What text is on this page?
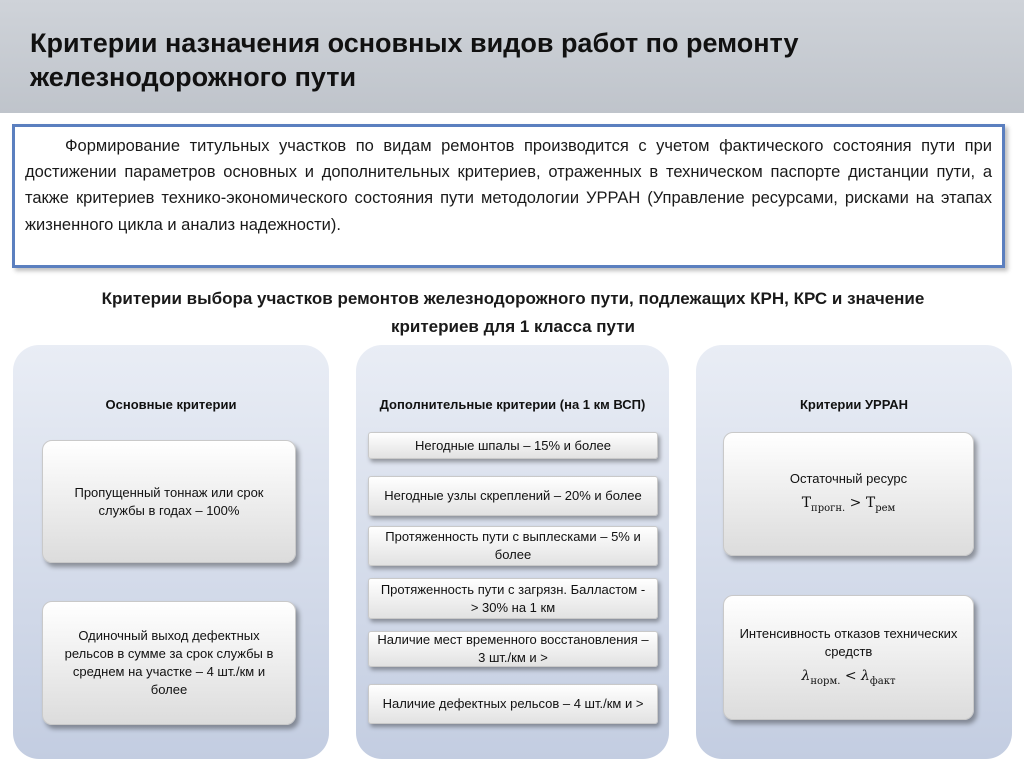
Критерии назначения основных видов работ по ремонту
железнодорожного пути
Формирование титульных участков по видам ремонтов производится с учетом фактического состояния пути при достижении параметров основных и дополнительных критериев, отраженных в техническом паспорте дистанции пути, а также критериев технико-экономического состояния пути методологии УРРАН (Управление ресурсами, рисками на этапах жизненного цикла и анализ надежности).
Критерии выбора участков ремонтов железнодорожного пути, подлежащих КРН, КРС и значение
критериев для 1 класса пути
Основные критерии
Пропущенный тоннаж или срок службы в годах – 100%
Одиночный выход дефектных рельсов в сумме за срок службы в среднем на участке – 4 шт./км и более
Дополнительные критерии (на 1 км ВСП)
Негодные шпалы – 15% и более
Негодные узлы скреплений – 20% и более
Протяженность пути с выплесками – 5% и более
Протяженность пути с загрязн. Балластом - > 30% на 1 км
Наличие мест временного восстановления – 3 шт./км и >
Наличие дефектных рельсов – 4 шт./км и >
Критерии УРРАН
Остаточный ресурс
$T_{прогн.} > T_{рем}$
Интенсивность отказов технических средств
$\lambda_{норм.} < \lambda_{факт}$
